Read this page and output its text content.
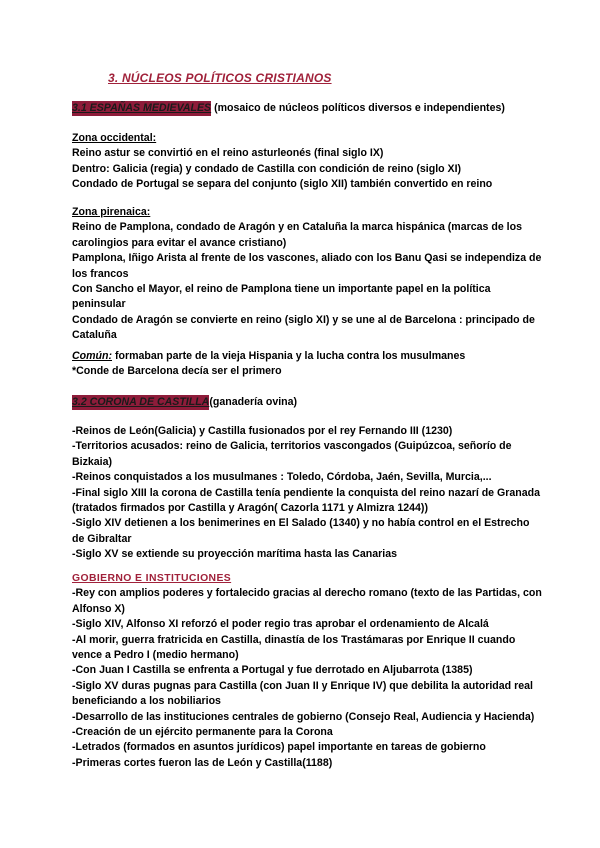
3. NÚCLEOS POLÍTICOS CRISTIANOS
3.1 ESPAÑAS MEDIEVALES (mosaico de núcleos políticos diversos e independientes)
Zona occidental:
Reino astur se convirtió en el reino asturleonés (final siglo IX)
Dentro: Galicia (regia) y condado de Castilla con condición de reino (siglo XI)
Condado de Portugal se separa del conjunto (siglo XII) también convertido en reino
Zona pirenaica:
Reino de Pamplona, condado de Aragón y en Cataluña la marca hispánica (marcas de los carolingios para evitar el avance cristiano)
Pamplona, Iñigo Arista al frente de los vascones, aliado con los Banu Qasi se independiza de los francos
Con Sancho el Mayor, el reino de Pamplona tiene un importante papel en la política peninsular
Condado de Aragón se convierte en reino (siglo XI) y se une al de Barcelona : principado de Cataluña
Común: formaban parte de la vieja Hispania y la lucha contra los musulmanes
*Conde de Barcelona decía ser el primero
3.2 CORONA DE CASTILLA(ganadería ovina)
-Reinos de León(Galicia) y Castilla fusionados por el rey Fernando III (1230)
-Territorios acusados: reino de Galicia, territorios vascongados (Guipúzcoa, señorío de Bizkaia)
-Reinos conquistados a los musulmanes : Toledo, Córdoba, Jaén, Sevilla, Murcia,...
-Final siglo XIII la corona de Castilla tenía pendiente la conquista del reino nazarí de Granada (tratados firmados por Castilla y Aragón( Cazorla 1171 y Almizra 1244))
-Siglo XIV detienen a los benimerines en El Salado (1340) y no había control en el Estrecho de Gibraltar
-Siglo XV se extiende su proyección marítima hasta las Canarias
GOBIERNO E INSTITUCIONES
-Rey con amplios poderes y fortalecido gracias al derecho romano (texto de las Partidas, con Alfonso X)
-Siglo XIV, Alfonso XI reforzó el poder regio tras aprobar el ordenamiento de Alcalá
-Al morir, guerra fratricida en Castilla, dinastía de los Trastámaras por Enrique II cuando vence a Pedro I (medio hermano)
-Con Juan I Castilla se enfrenta a Portugal y fue derrotado en Aljubarrota (1385)
-Siglo XV duras pugnas para Castilla (con Juan II y Enrique IV) que debilita la autoridad real beneficiando a los nobiliarios
-Desarrollo de las instituciones centrales de gobierno (Consejo Real, Audiencia y Hacienda)
-Creación de un ejército permanente para la Corona
-Letrados (formados en asuntos jurídicos) papel importante en tareas de gobierno
-Primeras cortes fueron las de León y Castilla(1188)
